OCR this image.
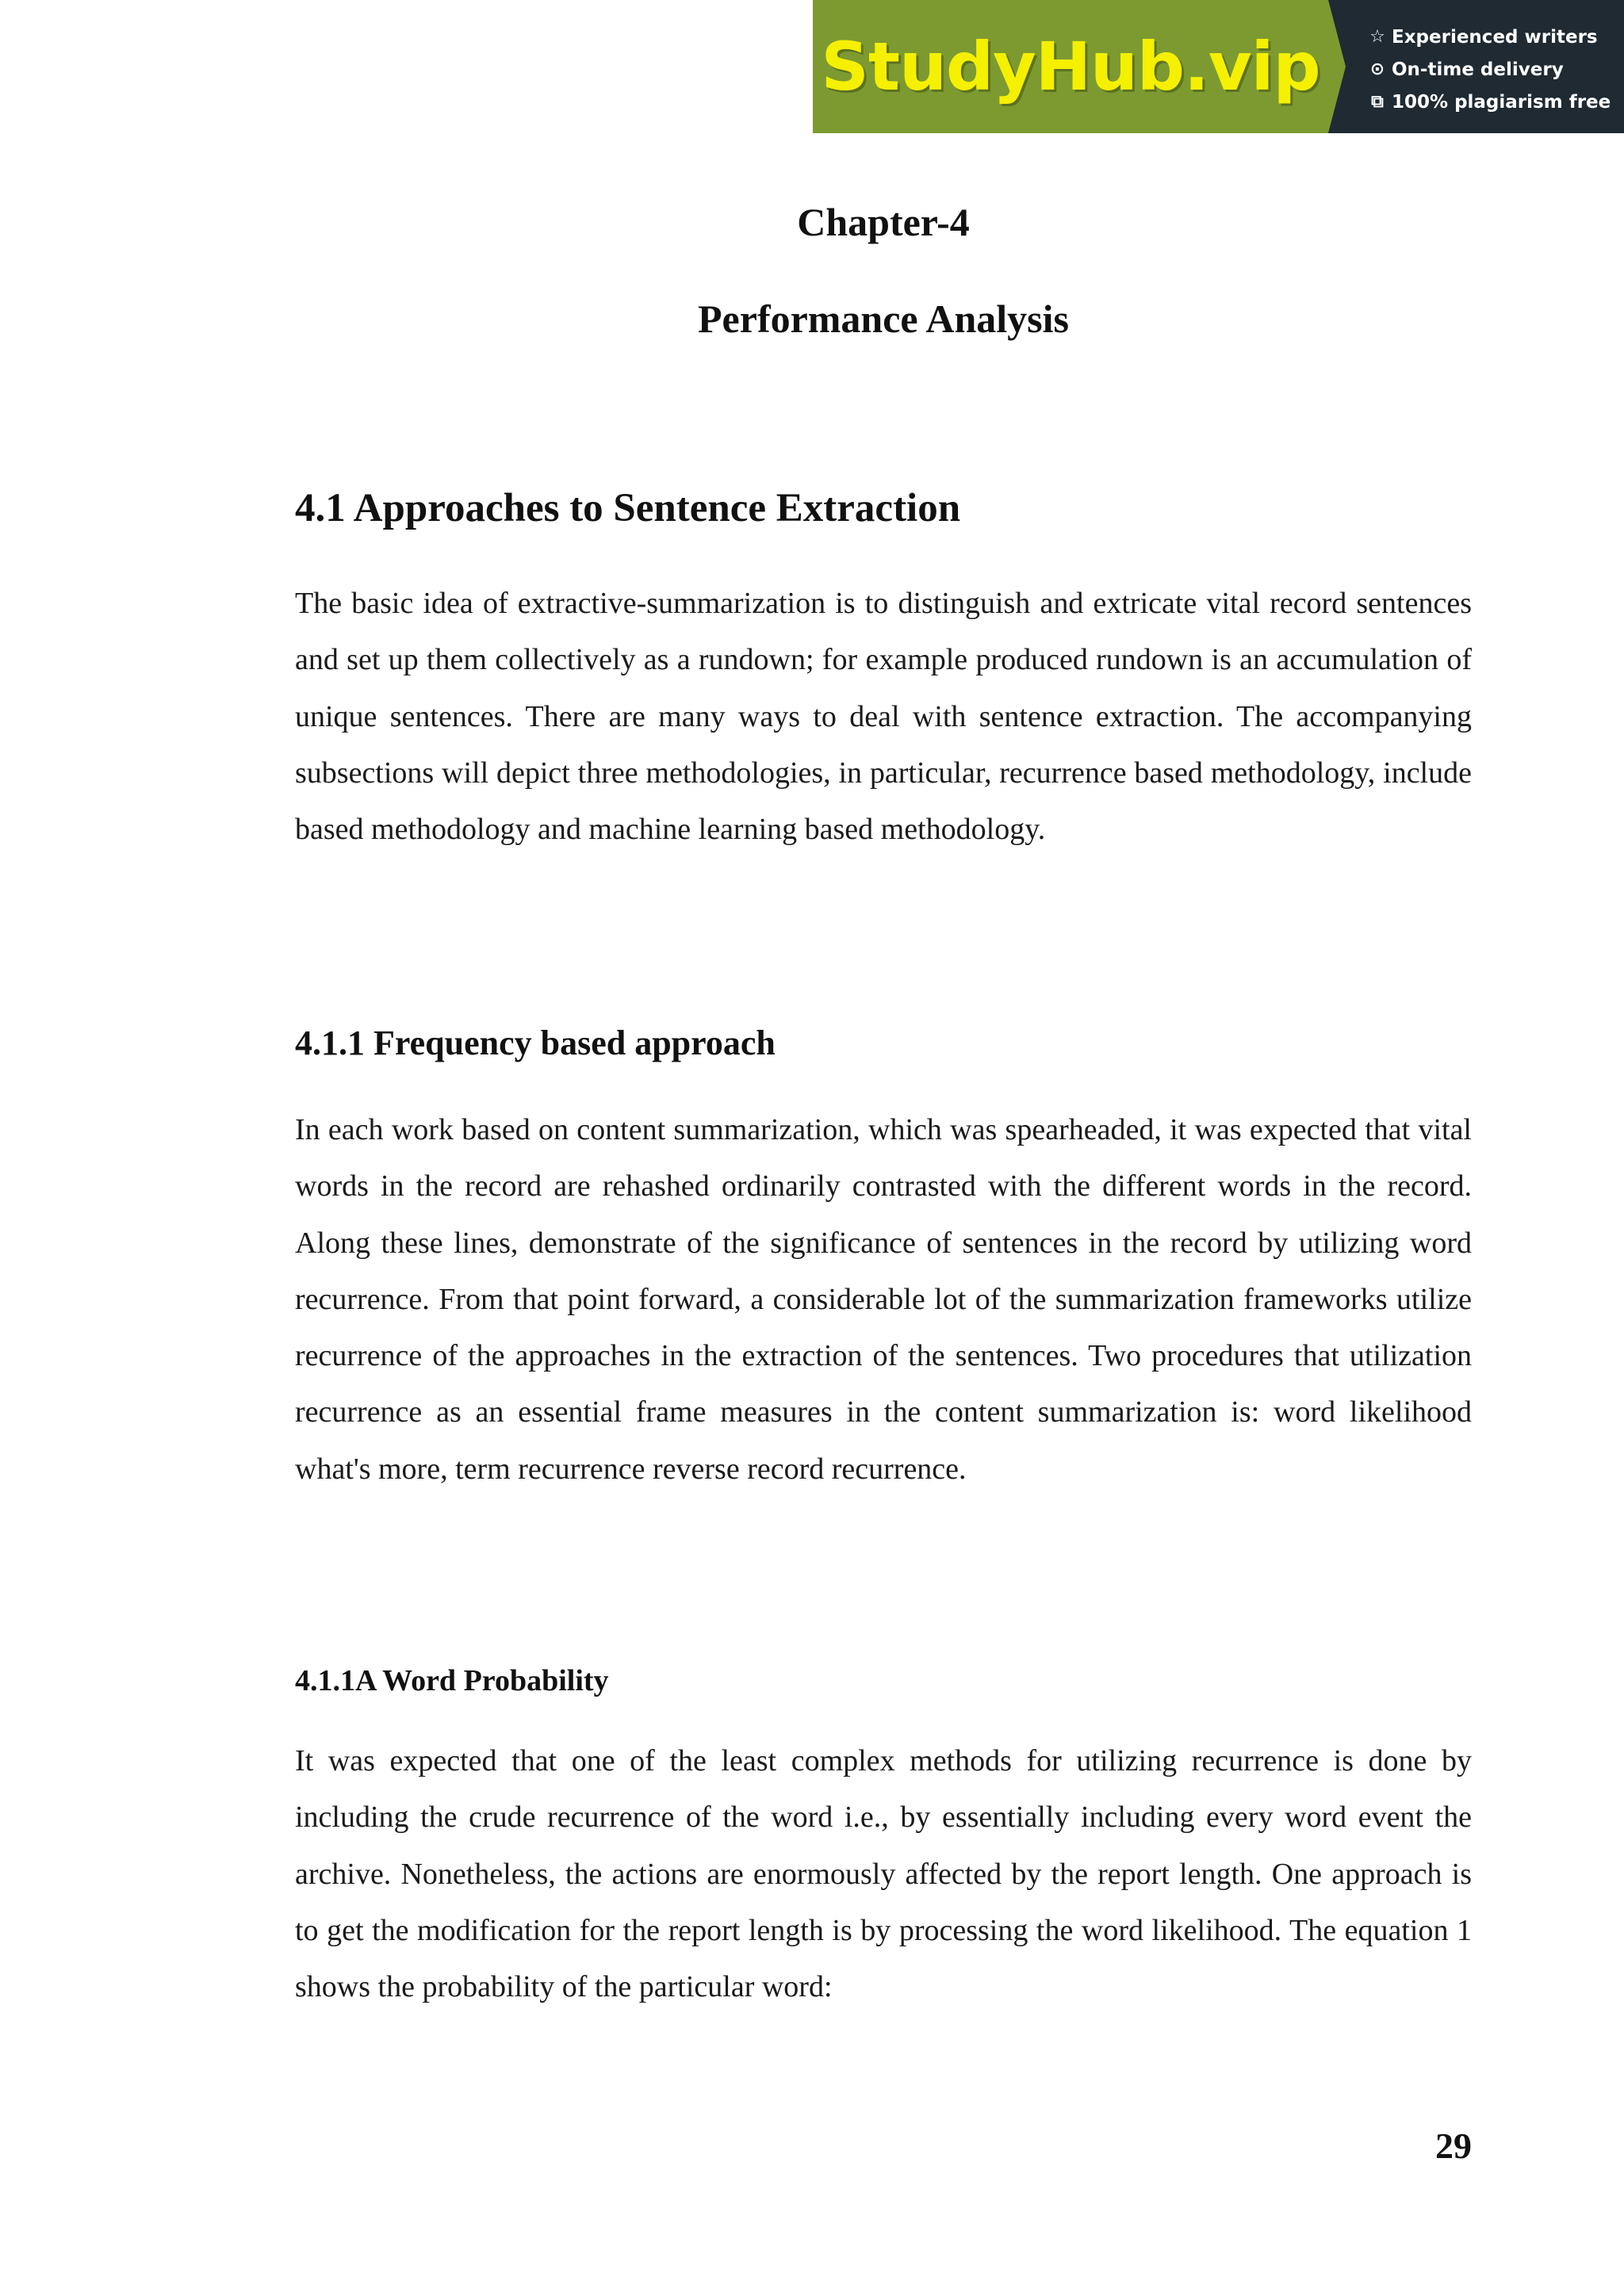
StudyHub.vip	☆ Experienced writers
⊙ On-time delivery
⧉ 100% plagiarism free
Chapter-4
Performance Analysis
4.1 Approaches to Sentence Extraction

The basic idea of extractive-summarization is to distinguish and extricate vital record sentences and set up them collectively as a rundown; for example produced rundown is an accumulation of unique sentences. There are many ways to deal with sentence extraction. The accompanying subsections will depict three methodologies, in particular, recurrence based methodology, include based methodology and machine learning based methodology.

4.1.1 Frequency based approach

In each work based on content summarization, which was spearheaded, it was expected that vital words in the record are rehashed ordinarily contrasted with the different words in the record. Along these lines, demonstrate of the significance of sentences in the record by utilizing word recurrence. From that point forward, a considerable lot of the summarization frameworks utilize recurrence of the approaches in the extraction of the sentences. Two procedures that utilization recurrence as an essential frame measures in the content summarization is: word likelihood what's more, term recurrence reverse record recurrence.

4.1.1A Word Probability

It was expected that one of the least complex methods for utilizing recurrence is done by including the crude recurrence of the word i.e., by essentially including every word event the archive. Nonetheless, the actions are enormously affected by the report length. One approach is to get the modification for the report length is by processing the word likelihood. The equation 1 shows the probability of the particular word:

29
